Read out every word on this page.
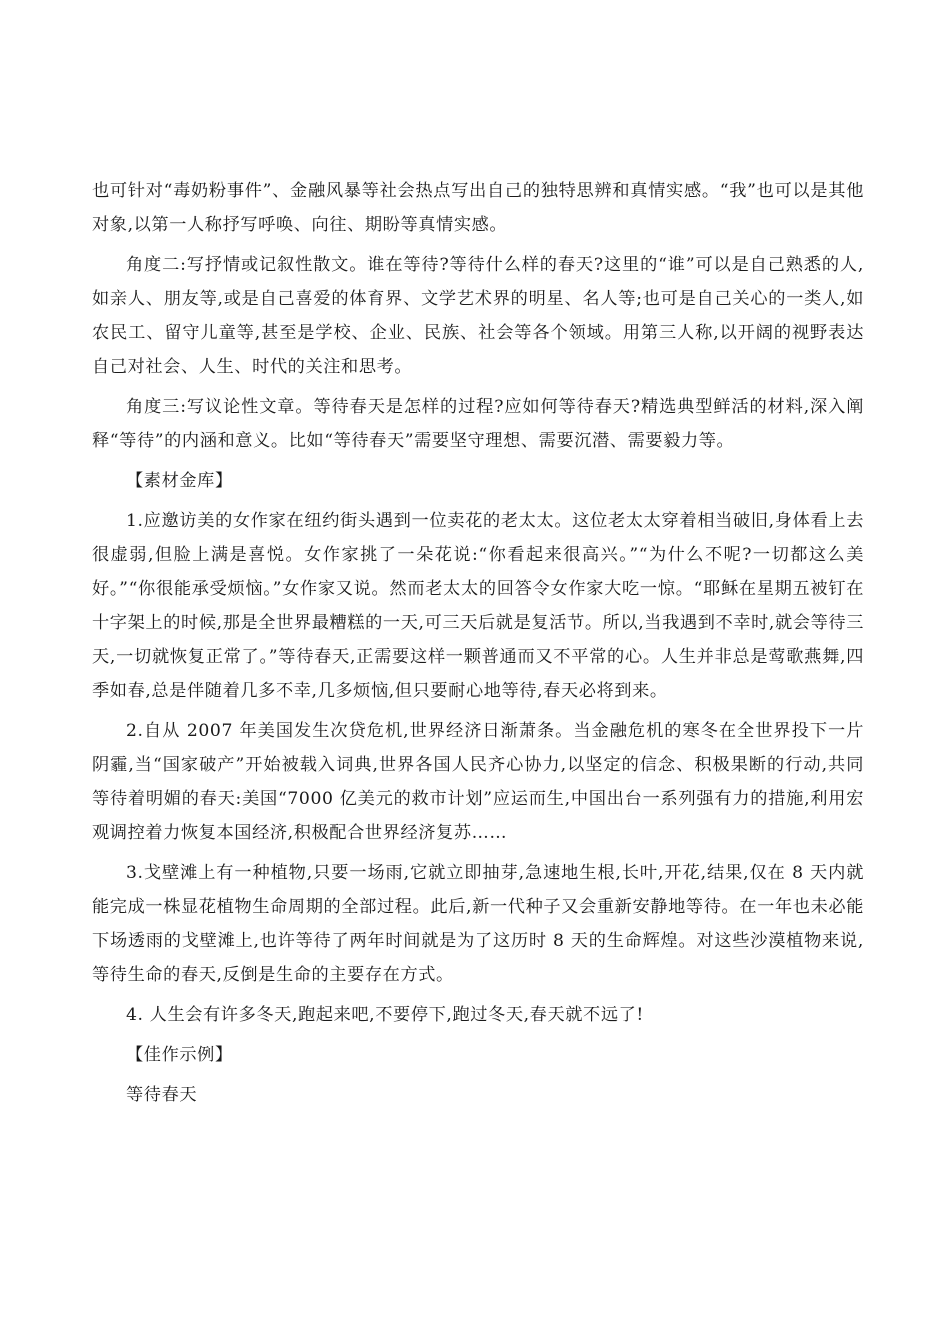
也可针对“毒奶粉事件”、金融风暴等社会热点写出自己的独特思辨和真情实感。“我”也可以是其他对象,以第一人称抒写呼唤、向往、期盼等真情实感。

角度二:写抒情或记叙性散文。谁在等待?等待什么样的春天?这里的“谁”可以是自己熟悉的人,如亲人、朋友等,或是自己喜爱的体育界、文学艺术界的明星、名人等;也可是自己关心的一类人,如农民工、留守儿童等,甚至是学校、企业、民族、社会等各个领域。用第三人称,以开阔的视野表达自己对社会、人生、时代的关注和思考。

角度三:写议论性文章。等待春天是怎样的过程?应如何等待春天?精选典型鲜活的材料,深入阐释“等待”的内涵和意义。比如“等待春天”需要坚守理想、需要沉潜、需要毅力等。

【素材金库】

1.应邀访美的女作家在纽约街头遇到一位卖花的老太太。这位老太太穿着相当破旧,身体看上去很虚弱,但脸上满是喜悦。女作家挑了一朵花说:“你看起来很高兴。”“为什么不呢?一切都这么美好。”“你很能承受烦恼。”女作家又说。然而老太太的回答令女作家大吃一惊。“耶稣在星期五被钉在十字架上的时候,那是全世界最糟糕的一天,可三天后就是复活节。所以,当我遇到不幸时,就会等待三天,一切就恢复正常了。”等待春天,正需要这样一颗普通而又不平常的心。人生并非总是莺歌燕舞,四季如春,总是伴随着几多不幸,几多烦恼,但只要耐心地等待,春天必将到来。

2.自从 2007 年美国发生次贷危机,世界经济日渐萧条。当金融危机的寒冬在全世界投下一片阴霾,当“国家破产”开始被载入词典,世界各国人民齐心协力,以坚定的信念、积极果断的行动,共同等待着明媚的春天:美国“7000 亿美元的救市计划”应运而生,中国出台一系列强有力的措施,利用宏观调控着力恢复本国经济,积极配合世界经济复苏……

3.戈壁滩上有一种植物,只要一场雨,它就立即抽芽,急速地生根,长叶,开花,结果,仅在 8 天内就能完成一株显花植物生命周期的全部过程。此后,新一代种子又会重新安静地等待。在一年也未必能下场透雨的戈壁滩上,也许等待了两年时间就是为了这历时 8 天的生命辉煌。对这些沙漠植物来说,等待生命的春天,反倒是生命的主要存在方式。

4. 人生会有许多冬天,跑起来吧,不要停下,跑过冬天,春天就不远了!

【佳作示例】

等待春天
